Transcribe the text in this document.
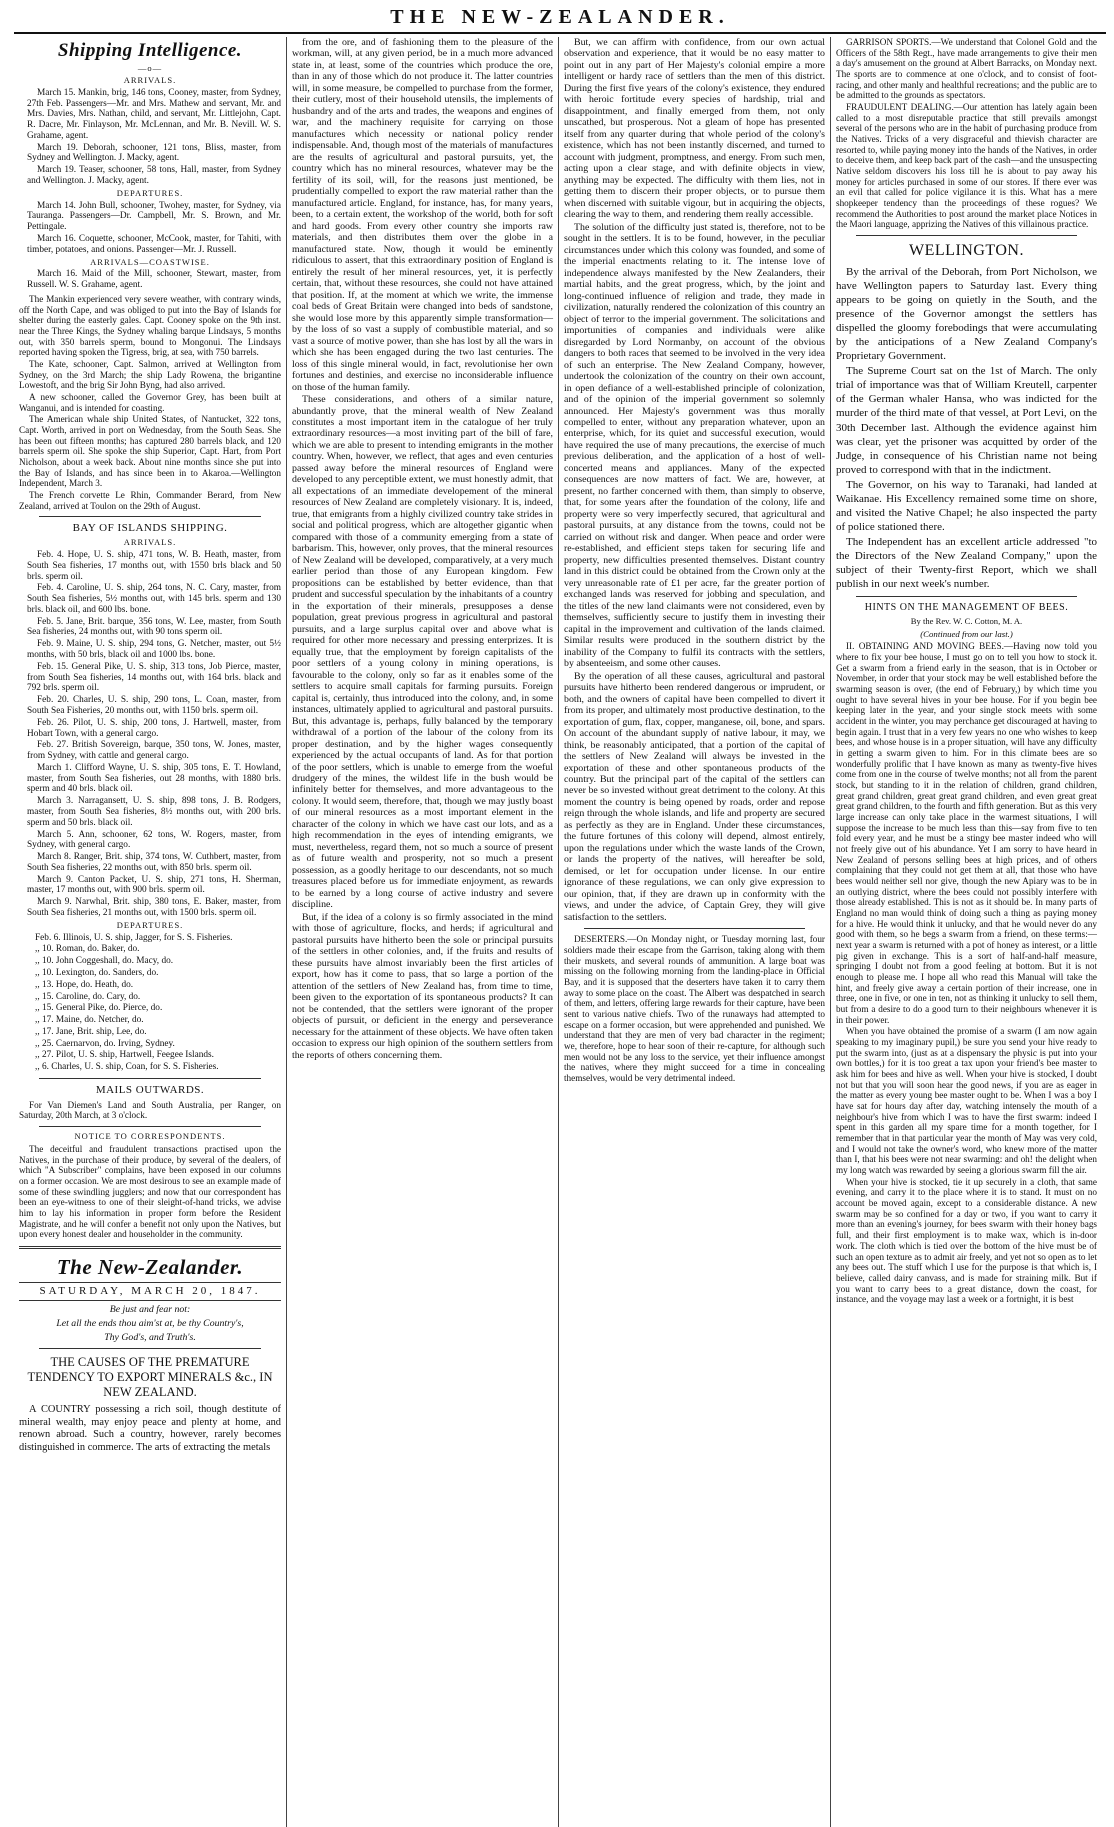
THE NEW-ZEALANDER.
Shipping Intelligence.
—o—
ARRIVALS.

March 15. Mankin, brig, 146 tons, Cooney, master, from Sydney, 27th Feb. Passengers—Mr. and Mrs. Mathew and servant, Mr. and Mrs. Davies, Mrs. Nathan, child, and servant, Mr. Littlejohn, Capt. R. Dacre, Mr. Finlayson, Mr. McLennan, and Mr. B. Nevill. W. S. Grahame, agent.

March 19. Deborah, schooner, 121 tons, Bliss, master, from Sydney and Wellington. J. Macky, agent.

March 19. Teaser, schooner, 58 tons, Hall, master, from Sydney and Wellington. J. Macky, agent.

DEPARTURES.

March 14. John Bull, schooner, Twohey, master, for Sydney, via Tauranga. Passengers—Dr. Campbell, Mr. S. Brown, and Mr. Pettingale.

March 16. Coquette, schooner, McCook, master, for Tahiti, with timber, potatoes, and onions. Passenger—Mr. J. Russell.

ARRIVALS—COASTWISE.

March 16. Maid of the Mill, schooner, Stewart, master, from Russell. W. S. Grahame, agent.

The Mankin experienced very severe weather, with contrary winds, off the North Cape, and was obliged to put into the Bay of Islands for shelter during the easterly gales. Capt. Cooney spoke on the 9th inst. near the Three Kings, the Sydney whaling barque Lindsays, 5 months out, with 350 barrels sperm, bound to Mongonui. The Lindsays reported having spoken the Tigress, brig, at sea, with 750 barrels.

The Kate, schooner, Capt. Salmon, arrived at Wellington from Sydney, on the 3rd March; the ship Lady Rowena, the brigantine Lowestoft, and the brig Sir John Byng, had also arrived.

A new schooner, called the Governor Grey, has been built at Wanganui, and is intended for coasting.

The American whale ship United States, of Nantucket, 322 tons, Capt. Worth, arrived in port on Wednesday, from the South Seas. She has been out fifteen months; has captured 280 barrels black, and 120 barrels sperm oil. She spoke the ship Superior, Capt. Hart, from Port Nicholson, about a week back. About nine months since she put into the Bay of Islands, and has since been in to Akaroa.—Wellington Independent, March 3.

The French corvette Le Rhin, Commander Berard, from New Zealand, arrived at Toulon on the 29th of August.

BAY OF ISLANDS SHIPPING.
ARRIVALS.

Feb. 4. Hope, U. S. ship, 471 tons, W. B. Heath, master, from South Sea fisheries, 17 months out, with 1550 brls black and 50 brls. sperm oil.

Feb. 4. Caroline, U. S. ship, 264 tons, N. C. Cary, master, from South Sea fisheries, 5½ months out, with 145 brls. sperm and 130 brls. black oil, and 600 lbs. bone.

Feb. 5. Jane, Brit. barque, 356 tons, W. Lee, master, from South Sea fisheries, 24 months out, with 90 tons sperm oil.

Feb. 9. Maine, U. S. ship, 294 tons, G. Netcher, master, out 5½ months, with 50 brls, black oil and 1000 lbs. bone.

Feb. 15. General Pike, U. S. ship, 313 tons, Job Pierce, master, from South Sea fisheries, 14 months out, with 164 brls. black and 792 brls. sperm oil.

Feb. 20. Charles, U. S. ship, 290 tons, L. Coan, master, from South Sea Fisheries, 20 months out, with 1150 brls. sperm oil.

Feb. 26. Pilot, U. S. ship, 200 tons, J. Hartwell, master, from Hobart Town, with a general cargo.

Feb. 27. British Sovereign, barque, 350 tons, W. Jones, master, from Sydney, with cattle and general cargo.

March 1. Clifford Wayne, U. S. ship, 305 tons, E. T. Howland, master, from South Sea fisheries, out 28 months, with 1880 brls. sperm and 40 brls. black oil.

March 3. Narragansett, U. S. ship, 898 tons, J. B. Rodgers, master, from South Sea fisheries, 8½ months out, with 200 brls. sperm and 50 brls. black oil.

March 5. Ann, schooner, 62 tons, W. Rogers, master, from Sydney, with general cargo.

March 8. Ranger, Brit. ship, 374 tons, W. Cuthbert, master, from South Sea fisheries, 22 months out, with 850 brls. sperm oil.

March 9. Canton Packet, U. S. ship, 271 tons, H. Sherman, master, 17 months out, with 900 brls. sperm oil.

March 9. Narwhal, Brit. ship, 380 tons, E. Baker, master, from South Sea fisheries, 21 months out, with 1500 brls. sperm oil.

DEPARTURES.

Feb. 6. Illinois, U. S. ship, Jagger, for S. S. Fisheries.

,, 10. Roman, do. Baker, do.

,, 10. John Coggeshall, do. Macy, do.

,, 10. Lexington, do. Sanders, do.

,, 13. Hope, do. Heath, do.

,, 15. Caroline, do. Cary, do.

,, 15. General Pike, do. Pierce, do.

,, 17. Maine, do. Netcher, do.

,, 17. Jane, Brit. ship, Lee, do.

,, 25. Caernarvon, do. Irving, Sydney.

,, 27. Pilot, U. S. ship, Hartwell, Feegee Islands.

,, 6. Charles, U. S. ship, Coan, for S. S. Fisheries.

MAILS OUTWARDS.

For Van Diemen's Land and South Australia, per Ranger, on Saturday, 20th March, at 3 o'clock.

NOTICE TO CORRESPONDENTS.

The deceitful and fraudulent transactions practised upon the Natives, in the purchase of their produce, by several of the dealers, of which "A Subscriber" complains, have been exposed in our columns on a former occasion. We are most desirous to see an example made of some of these swindling jugglers; and now that our correspondent has been an eye-witness to one of their sleight-of-hand tricks, we advise him to lay his information in proper form before the Resident Magistrate, and he will confer a benefit not only upon the Natives, but upon every honest dealer and householder in the community.

The New-Zealander.
SATURDAY, MARCH 20, 1847.
Be just and fear not:
Let all the ends thou aim'st at, be thy Country's,
Thy God's, and Truth's.
THE CAUSES OF THE PREMATURE TENDENCY TO EXPORT MINERALS &c., IN NEW ZEALAND.

A COUNTRY possessing a rich soil, though destitute of mineral wealth, may enjoy peace and plenty at home, and renown abroad. Such a country, however, rarely becomes distinguished in commerce. The arts of extracting the metals

from the ore, and of fashioning them to the pleasure of the workman, will, at any given period, be in a much more advanced state in, at least, some of the countries which produce the ore, than in any of those which do not produce it. The latter countries will, in some measure, be compelled to purchase from the former, their cutlery, most of their household utensils, the implements of husbandry and of the arts and trades, the weapons and engines of war, and the machinery requisite for carrying on those manufactures which necessity or national policy render indispensable. And, though most of the materials of manufactures are the results of agricultural and pastoral pursuits, yet, the country which has no mineral resources, whatever may be the fertility of its soil, will, for the reasons just mentioned, be prudentially compelled to export the raw material rather than the manufactured article. England, for instance, has, for many years, been, to a certain extent, the workshop of the world, both for soft and hard goods. From every other country she imports raw materials, and then distributes them over the globe in a manufactured state. Now, though it would be eminently ridiculous to assert, that this extraordinary position of England is entirely the result of her mineral resources, yet, it is perfectly certain, that, without these resources, she could not have attained that position. If, at the moment at which we write, the immense coal beds of Great Britain were changed into beds of sandstone, she would lose more by this apparently simple transformation—by the loss of so vast a supply of combustible material, and so vast a source of motive power, than she has lost by all the wars in which she has been engaged during the two last centuries. The loss of this single mineral would, in fact, revolutionise her own fortunes and destinies, and exercise no inconsiderable influence on those of the human family.

These considerations, and others of a similar nature, abundantly prove, that the mineral wealth of New Zealand constitutes a most important item in the catalogue of her truly extraordinary resources—a most inviting part of the bill of fare, which we are able to present to intending emigrants in the mother country. When, however, we reflect, that ages and even centuries passed away before the mineral resources of England were developed to any perceptible extent, we must honestly admit, that all expectations of an immediate developement of the mineral resources of New Zealand are completely visionary. It is, indeed, true, that emigrants from a highly civilized country take strides in social and political progress, which are altogether gigantic when compared with those of a community emerging from a state of barbarism. This, however, only proves, that the mineral resources of New Zealand will be developed, comparatively, at a very much earlier period than those of any European kingdom. Few propositions can be established by better evidence, than that prudent and successful speculation by the inhabitants of a country in the exportation of their minerals, presupposes a dense population, great previous progress in agricultural and pastoral pursuits, and a large surplus capital over and above what is required for other more necessary and pressing enterprizes. It is equally true, that the employment by foreign capitalists of the poor settlers of a young colony in mining operations, is favourable to the colony, only so far as it enables some of the settlers to acquire small capitals for farming pursuits. Foreign capital is, certainly, thus introduced into the colony, and, in some instances, ultimately applied to agricultural and pastoral pursuits. But, this advantage is, perhaps, fully balanced by the temporary withdrawal of a portion of the labour of the colony from its proper destination, and by the higher wages consequently experienced by the actual occupants of land. As for that portion of the poor settlers, which is unable to emerge from the woeful drudgery of the mines, the wildest life in the bush would be infinitely better for themselves, and more advantageous to the colony. It would seem, therefore, that, though we may justly boast of our mineral resources as a most important element in the character of the colony in which we have cast our lots, and as a high recommendation in the eyes of intending emigrants, we must, nevertheless, regard them, not so much a source of present as of future wealth and prosperity, not so much a present possession, as a goodly heritage to our descendants, not so much treasures placed before us for immediate enjoyment, as rewards to be earned by a long course of active industry and severe discipline.

But, if the idea of a colony is so firmly associated in the mind with those of agriculture, flocks, and herds; if agricultural and pastoral pursuits have hitherto been the sole or principal pursuits of the settlers in other colonies, and, if the fruits and results of these pursuits have almost invariably been the first articles of export, how has it come to pass, that so large a portion of the attention of the settlers of New Zealand has, from time to time, been given to the exportation of its spontaneous products? It can not be contended, that the settlers were ignorant of the proper objects of pursuit, or deficient in the energy and perseverance necessary for the attainment of these objects. We have often taken occasion to express our high opinion of the southern settlers from the reports of others concerning them.

But, we can affirm with confidence, from our own actual observation and experience, that it would be no easy matter to point out in any part of Her Majesty's colonial empire a more intelligent or hardy race of settlers than the men of this district. During the first five years of the colony's existence, they endured with heroic fortitude every species of hardship, trial and disappointment, and finally emerged from them, not only unscathed, but prosperous. Not a gleam of hope has presented itself from any quarter during that whole period of the colony's existence, which has not been instantly discerned, and turned to account with judgment, promptness, and energy. From such men, acting upon a clear stage, and with definite objects in view, anything may be expected. The difficulty with them lies, not in getting them to discern their proper objects, or to pursue them when discerned with suitable vigour, but in acquiring the objects, clearing the way to them, and rendering them really accessible.

The solution of the difficulty just stated is, therefore, not to be sought in the settlers. It is to be found, however, in the peculiar circumstances under which this colony was founded, and some of the imperial enactments relating to it. The intense love of independence always manifested by the New Zealanders, their martial habits, and the great progress, which, by the joint and long-continued influence of religion and trade, they made in civilization, naturally rendered the colonization of this country an object of terror to the imperial government. The solicitations and importunities of companies and individuals were alike disregarded by Lord Normanby, on account of the obvious dangers to both races that seemed to be involved in the very idea of such an enterprise. The New Zealand Company, however, undertook the colonization of the country on their own account, in open defiance of a well-established principle of colonization, and of the opinion of the imperial government so solemnly announced. Her Majesty's government was thus morally compelled to enter, without any preparation whatever, upon an enterprise, which, for its quiet and successful execution, would have required the use of many precautions, the exercise of much previous deliberation, and the application of a host of well-concerted means and appliances. Many of the expected consequences are now matters of fact. We are, however, at present, no farther concerned with them, than simply to observe, that, for some years after the foundation of the colony, life and property were so very imperfectly secured, that agricultural and pastoral pursuits, at any distance from the towns, could not be carried on without risk and danger. When peace and order were re-established, and efficient steps taken for securing life and property, new difficulties presented themselves. Distant country land in this district could be obtained from the Crown only at the very unreasonable rate of £1 per acre, far the greater portion of exchanged lands was reserved for jobbing and speculation, and the titles of the new land claimants were not considered, even by themselves, sufficiently secure to justify them in investing their capital in the improvement and cultivation of the lands claimed. Similar results were produced in the southern district by the inability of the Company to fulfil its contracts with the settlers, by absenteeism, and some other causes.

By the operation of all these causes, agricultural and pastoral pursuits have hitherto been rendered dangerous or imprudent, or both, and the owners of capital have been compelled to divert it from its proper, and ultimately most productive destination, to the exportation of gum, flax, copper, manganese, oil, bone, and spars. On account of the abundant supply of native labour, it may, we think, be reasonably anticipated, that a portion of the capital of the settlers of New Zealand will always be invested in the exportation of these and other spontaneous products of the country. But the principal part of the capital of the settlers can never be so invested without great detriment to the colony. At this moment the country is being opened by roads, order and repose reign through the whole islands, and life and property are secured as perfectly as they are in England. Under these circumstances, the future fortunes of this colony will depend, almost entirely, upon the regulations under which the waste lands of the Crown, or lands the property of the natives, will hereafter be sold, demised, or let for occupation under license. In our entire ignorance of these regulations, we can only give expression to our opinion, that, if they are drawn up in conformity with the views, and under the advice, of Captain Grey, they will give satisfaction to the settlers.

DESERTERS.—On Monday night, or Tuesday morning last, four soldiers made their escape from the Garrison, taking along with them their muskets, and several rounds of ammunition. A large boat was missing on the following morning from the landing-place in Official Bay, and it is supposed that the deserters have taken it to carry them away to some place on the coast. The Albert was despatched in search of them, and letters, offering large rewards for their capture, have been sent to various native chiefs. Two of the runaways had attempted to escape on a former occasion, but were apprehended and punished. We understand that they are men of very bad character in the regiment; we, therefore, hope to hear soon of their re-capture, for although such men would not be any loss to the service, yet their influence amongst the natives, where they might succeed for a time in concealing themselves, would be very detrimental indeed.

GARRISON SPORTS.—We understand that Colonel Gold and the Officers of the 58th Regt., have made arrangements to give their men a day's amusement on the ground at Albert Barracks, on Monday next. The sports are to commence at one o'clock, and to consist of foot-racing, and other manly and healthful recreations; and the public are to be admitted to the grounds as spectators.

FRAUDULENT DEALING.—Our attention has lately again been called to a most disreputable practice that still prevails amongst several of the persons who are in the habit of purchasing produce from the Natives. Tricks of a very disgraceful and thievish character are resorted to, while paying money into the hands of the Natives, in order to deceive them, and keep back part of the cash—and the unsuspecting Native seldom discovers his loss till he is about to pay away his money for articles purchased in some of our stores. If there ever was an evil that called for police vigilance it is this. What has a mere shopkeeper tendency than the proceedings of these rogues? We recommend the Authorities to post around the market place Notices in the Maori language, apprizing the Natives of this villainous practice.

WELLINGTON.

By the arrival of the Deborah, from Port Nicholson, we have Wellington papers to Saturday last. Every thing appears to be going on quietly in the South, and the presence of the Governor amongst the settlers has dispelled the gloomy forebodings that were accumulating by the anticipations of a New Zealand Company's Proprietary Government.

The Supreme Court sat on the 1st of March. The only trial of importance was that of William Kreutell, carpenter of the German whaler Hansa, who was indicted for the murder of the third mate of that vessel, at Port Levi, on the 30th December last. Although the evidence against him was clear, yet the prisoner was acquitted by order of the Judge, in consequence of his Christian name not being proved to correspond with that in the indictment.

The Governor, on his way to Taranaki, had landed at Waikanae. His Excellency remained some time on shore, and visited the Native Chapel; he also inspected the party of police stationed there.

The Independent has an excellent article addressed "to the Directors of the New Zealand Company," upon the subject of their Twenty-first Report, which we shall publish in our next week's number.

HINTS ON THE MANAGEMENT OF BEES.
By the Rev. W. C. Cotton, M. A.
(Continued from our last.)

II. OBTAINING AND MOVING BEES.—Having now told you where to fix your bee house, I must go on to tell you how to stock it. Get a swarm from a friend early in the season, that is in October or November, in order that your stock may be well established before the swarming season is over, (the end of February,) by which time you ought to have several hives in your bee house. For if you begin bee keeping later in the year, and your single stock meets with some accident in the winter, you may perchance get discouraged at having to begin again. I trust that in a very few years no one who wishes to keep bees, and whose house is in a proper situation, will have any difficulty in getting a swarm given to him. For in this climate bees are so wonderfully prolific that I have known as many as twenty-five hives come from one in the course of twelve months; not all from the parent stock, but standing to it in the relation of children, grand children, great grand children, great great grand children, and even great great great grand children, to the fourth and fifth generation. But as this very large increase can only take place in the warmest situations, I will suppose the increase to be much less than this—say from five to ten fold every year, and he must be a stingy bee master indeed who will not freely give out of his abundance. Yet I am sorry to have heard in New Zealand of persons selling bees at high prices, and of others complaining that they could not get them at all, that those who have bees would neither sell nor give, though the new Apiary was to be in an outlying district, where the bees could not possibly interfere with those already established. This is not as it should be. In many parts of England no man would think of doing such a thing as paying money for a hive. He would think it unlucky, and that he would never do any good with them, so he begs a swarm from a friend, on these terms:—next year a swarm is returned with a pot of honey as interest, or a little pig given in exchange. This is a sort of half-and-half measure, springing I doubt not from a good feeling at bottom. But it is not enough to please me. I hope all who read this Manual will take the hint, and freely give away a certain portion of their increase, one in three, one in five, or one in ten, not as thinking it unlucky to sell them, but from a desire to do a good turn to their neighbours whenever it is in their power.

When you have obtained the promise of a swarm (I am now again speaking to my imaginary pupil,) be sure you send your hive ready to put the swarm into, (just as at a dispensary the physic is put into your own bottles,) for it is too great a tax upon your friend's bee master to ask him for bees and hive as well. When your hive is stocked, I doubt not but that you will soon hear the good news, if you are as eager in the matter as every young bee master ought to be. When I was a boy I have sat for hours day after day, watching intensely the mouth of a neighbour's hive from which I was to have the first swarm: indeed I spent in this garden all my spare time for a month together, for I remember that in that particular year the month of May was very cold, and I would not take the owner's word, who knew more of the matter than I, that his bees were not near swarming: and oh! the delight when my long watch was rewarded by seeing a glorious swarm fill the air.

When your hive is stocked, tie it up securely in a cloth, that same evening, and carry it to the place where it is to stand. It must on no account be moved again, except to a considerable distance. A new swarm may be so confined for a day or two, if you want to carry it more than an evening's journey, for bees swarm with their honey bags full, and their first employment is to make wax, which is in-door work. The cloth which is tied over the bottom of the hive must be of such an open texture as to admit air freely, and yet not so open as to let any bees out. The stuff which I use for the purpose is that which is, I believe, called dairy canvass, and is made for straining milk. But if you want to carry bees to a great distance, down the coast, for instance, and the voyage may last a week or a fortnight, it is best
